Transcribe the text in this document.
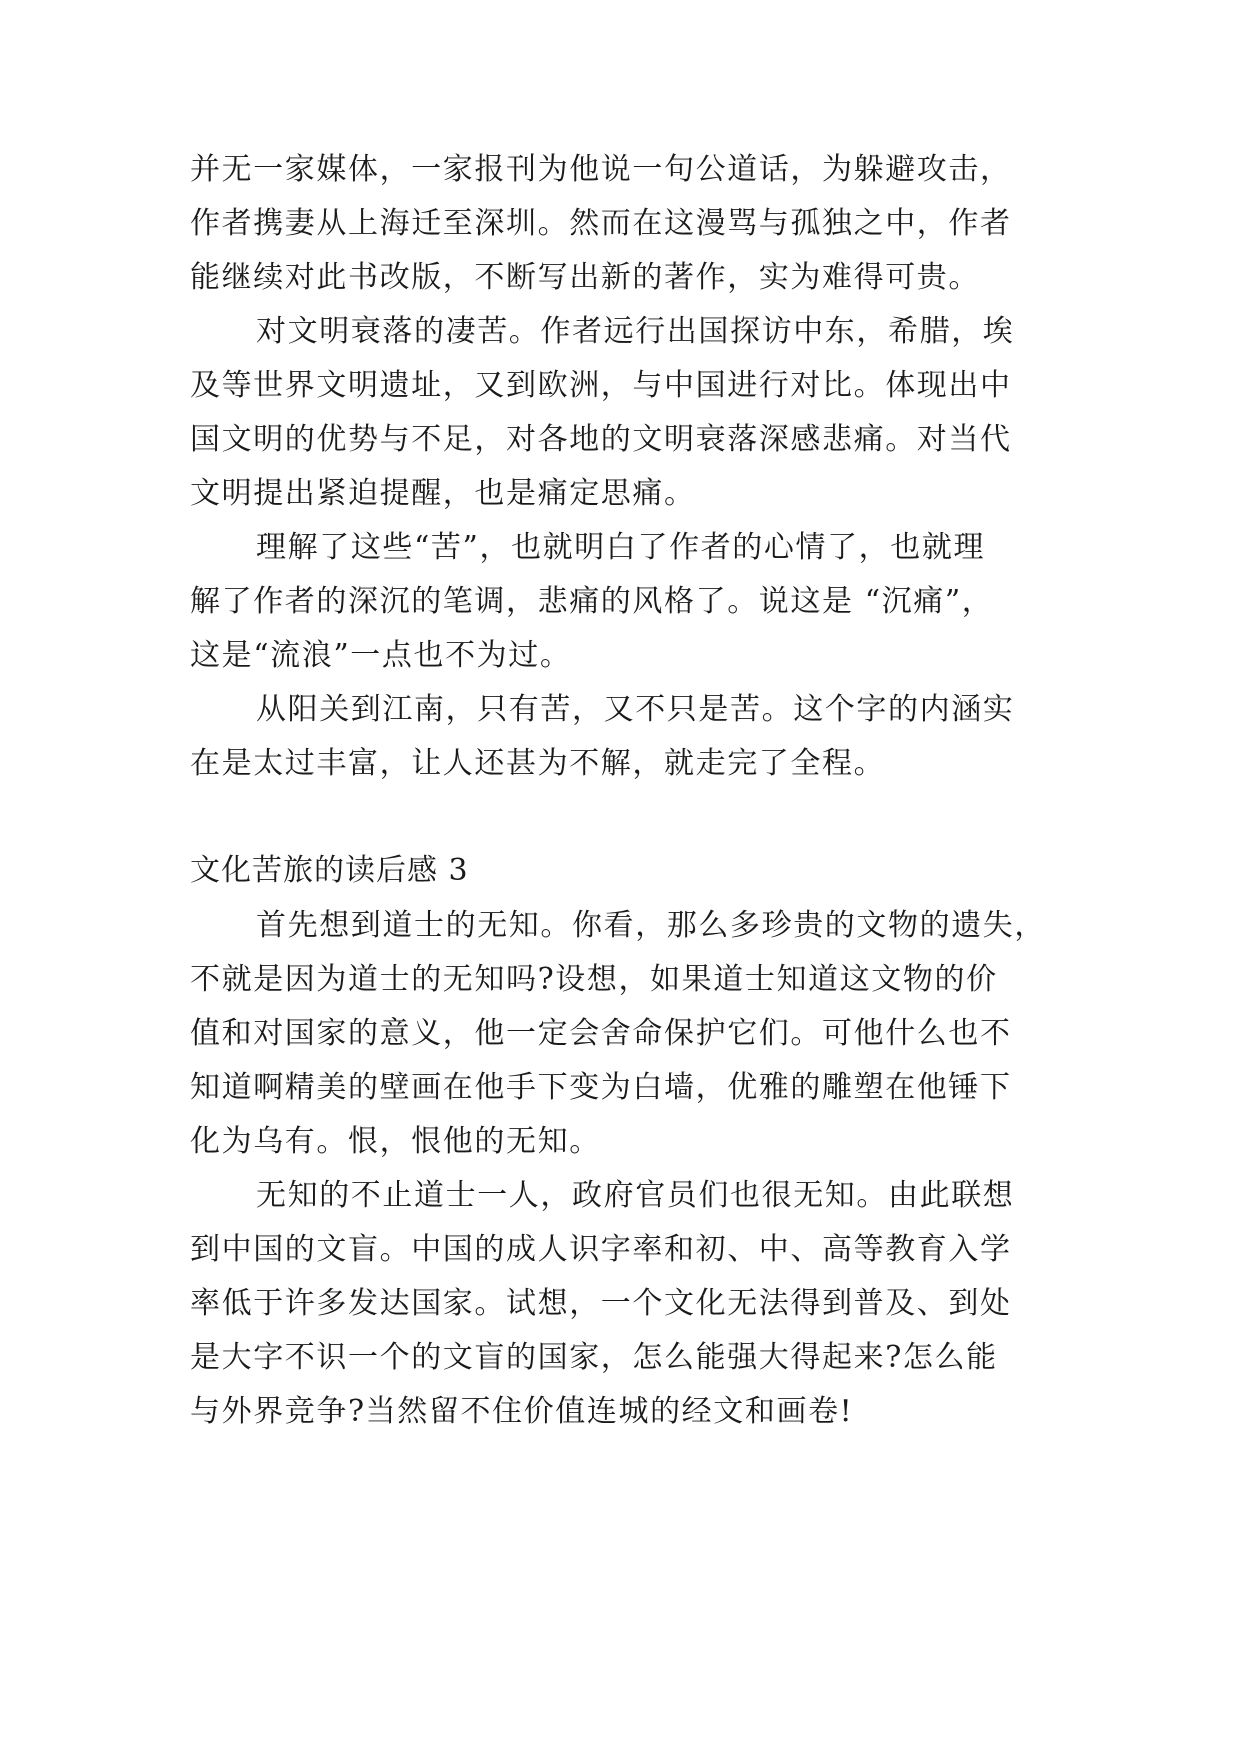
并无一家媒体，一家报刊为他说一句公道话，为躲避攻击，
作者携妻从上海迁至深圳。然而在这漫骂与孤独之中，作者
能继续对此书改版，不断写出新的著作，实为难得可贵。
对文明衰落的凄苦。作者远行出国探访中东，希腊，埃
及等世界文明遗址，又到欧洲，与中国进行对比。体现出中
国文明的优势与不足，对各地的文明衰落深感悲痛。对当代
文明提出紧迫提醒，也是痛定思痛。
理解了这些“苦”，也就明白了作者的心情了，也就理
解了作者的深沉的笔调，悲痛的风格了。说这是 “沉痛”，
这是“流浪”一点也不为过。
从阳关到江南，只有苦，又不只是苦。这个字的内涵实
在是太过丰富，让人还甚为不解，就走完了全程。
文化苦旅的读后感 3
首先想到道士的无知。你看，那么多珍贵的文物的遗失，
不就是因为道士的无知吗?设想，如果道士知道这文物的价
值和对国家的意义，他一定会舍命保护它们。可他什么也不
知道啊精美的壁画在他手下变为白墙，优雅的雕塑在他锤下
化为乌有。恨，恨他的无知。
无知的不止道士一人，政府官员们也很无知。由此联想
到中国的文盲。中国的成人识字率和初、中、高等教育入学
率低于许多发达国家。试想，一个文化无法得到普及、到处
是大字不识一个的文盲的国家，怎么能强大得起来?怎么能
与外界竞争?当然留不住价值连城的经文和画卷!
